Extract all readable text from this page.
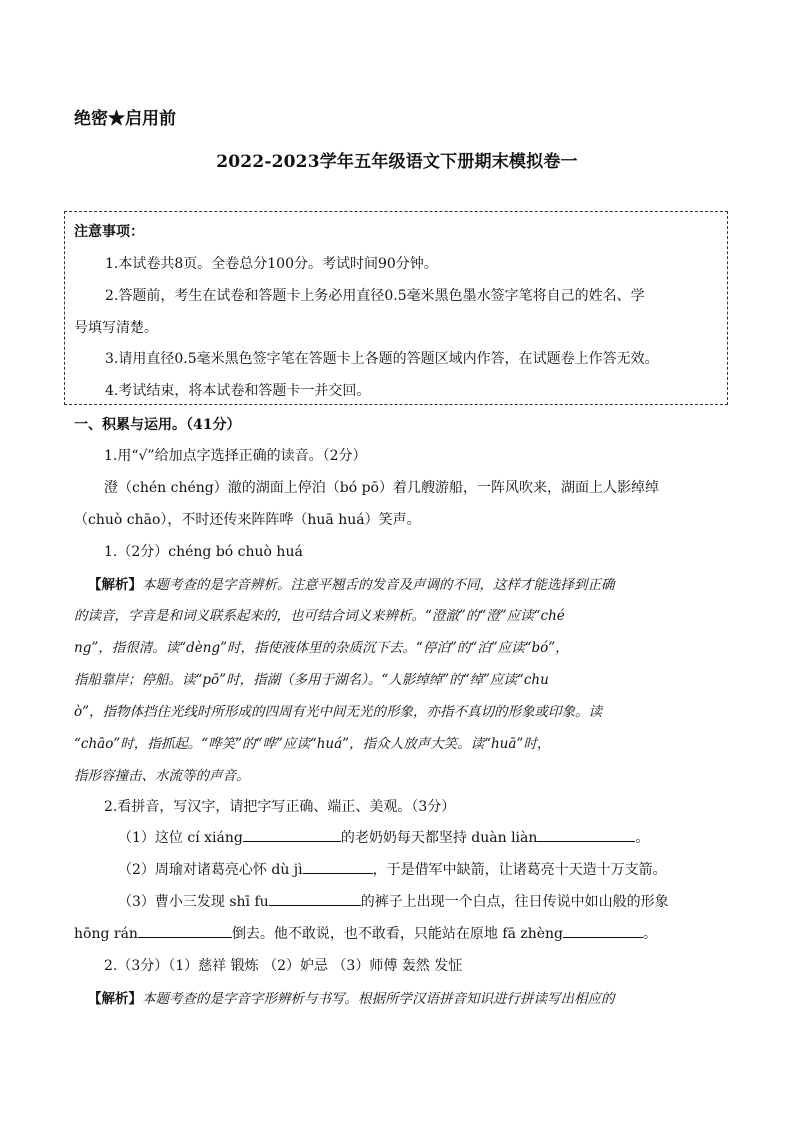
绝密★启用前
2022-2023学年五年级语文下册期末模拟卷一
注意事项：
1.本试卷共8页。全卷总分100分。考试时间90分钟。
2.答题前，考生在试卷和答题卡上务必用直径0.5毫米黑色墨水签字笔将自己的姓名、学
号填写清楚。
3.请用直径0.5毫米黑色签字笔在答题卡上各题的答题区域内作答，在试题卷上作答无效。
4.考试结束，将本试卷和答题卡一并交回。
一、积累与运用。（41分）
1.用“√”给加点字选择正确的读音。（2分）
澄（chén chéng）澈的湖面上停泊（bó pō）着几艘游船，一阵风吹来，湖面上人影绰绰
（chuò chāo），不时还传来阵阵哗（huā huá）笑声。
1.（2分）chéng bó chuò huá
【解析】本题考查的是字音辨析。注意平翘舌的发音及声调的不同，这样才能选择到正确
的读音，字音是和词义联系起来的，也可结合词义来辨析。“澄澈”的“澄”应读“ché
ng”，指很清。读“dèng”时，指使液体里的杂质沉下去。“停泊”的“泊”应读“bó”，
指船靠岸；停船。读“pō”时，指湖（多用于湖名）。“人影绰绰”的“绰”应读“chu
ò”，指物体挡住光线时所形成的四周有光中间无光的形象，亦指不真切的形象或印象。读
“chāo”时，指抓起。“哗笑”的“哗”应读“huá”，指众人放声大笑。读“huā”时，
指形容撞击、水流等的声音。
2.看拼音，写汉字，请把字写正确、端正、美观。（3分）
（1）这位 cí xiáng	的老奶奶每天都坚持 duàn liàn	。
（2）周瑜对诸葛亮心怀 dù jì	，于是借军中缺箭，让诸葛亮十天造十万支箭。
（3）曹小三发现 shī fu	的裤子上出现一个白点，往日传说中如山般的形象
hōng rán	倒去。他不敢说，也不敢看，只能站在原地 fā zhèng	。
2.（3分）（1）慈祥 锻炼 （2）妒忌 （3）师傅 轰然 发怔
【解析】本题考查的是字音字形辨析与书写。根据所学汉语拼音知识进行拼读写出相应的
